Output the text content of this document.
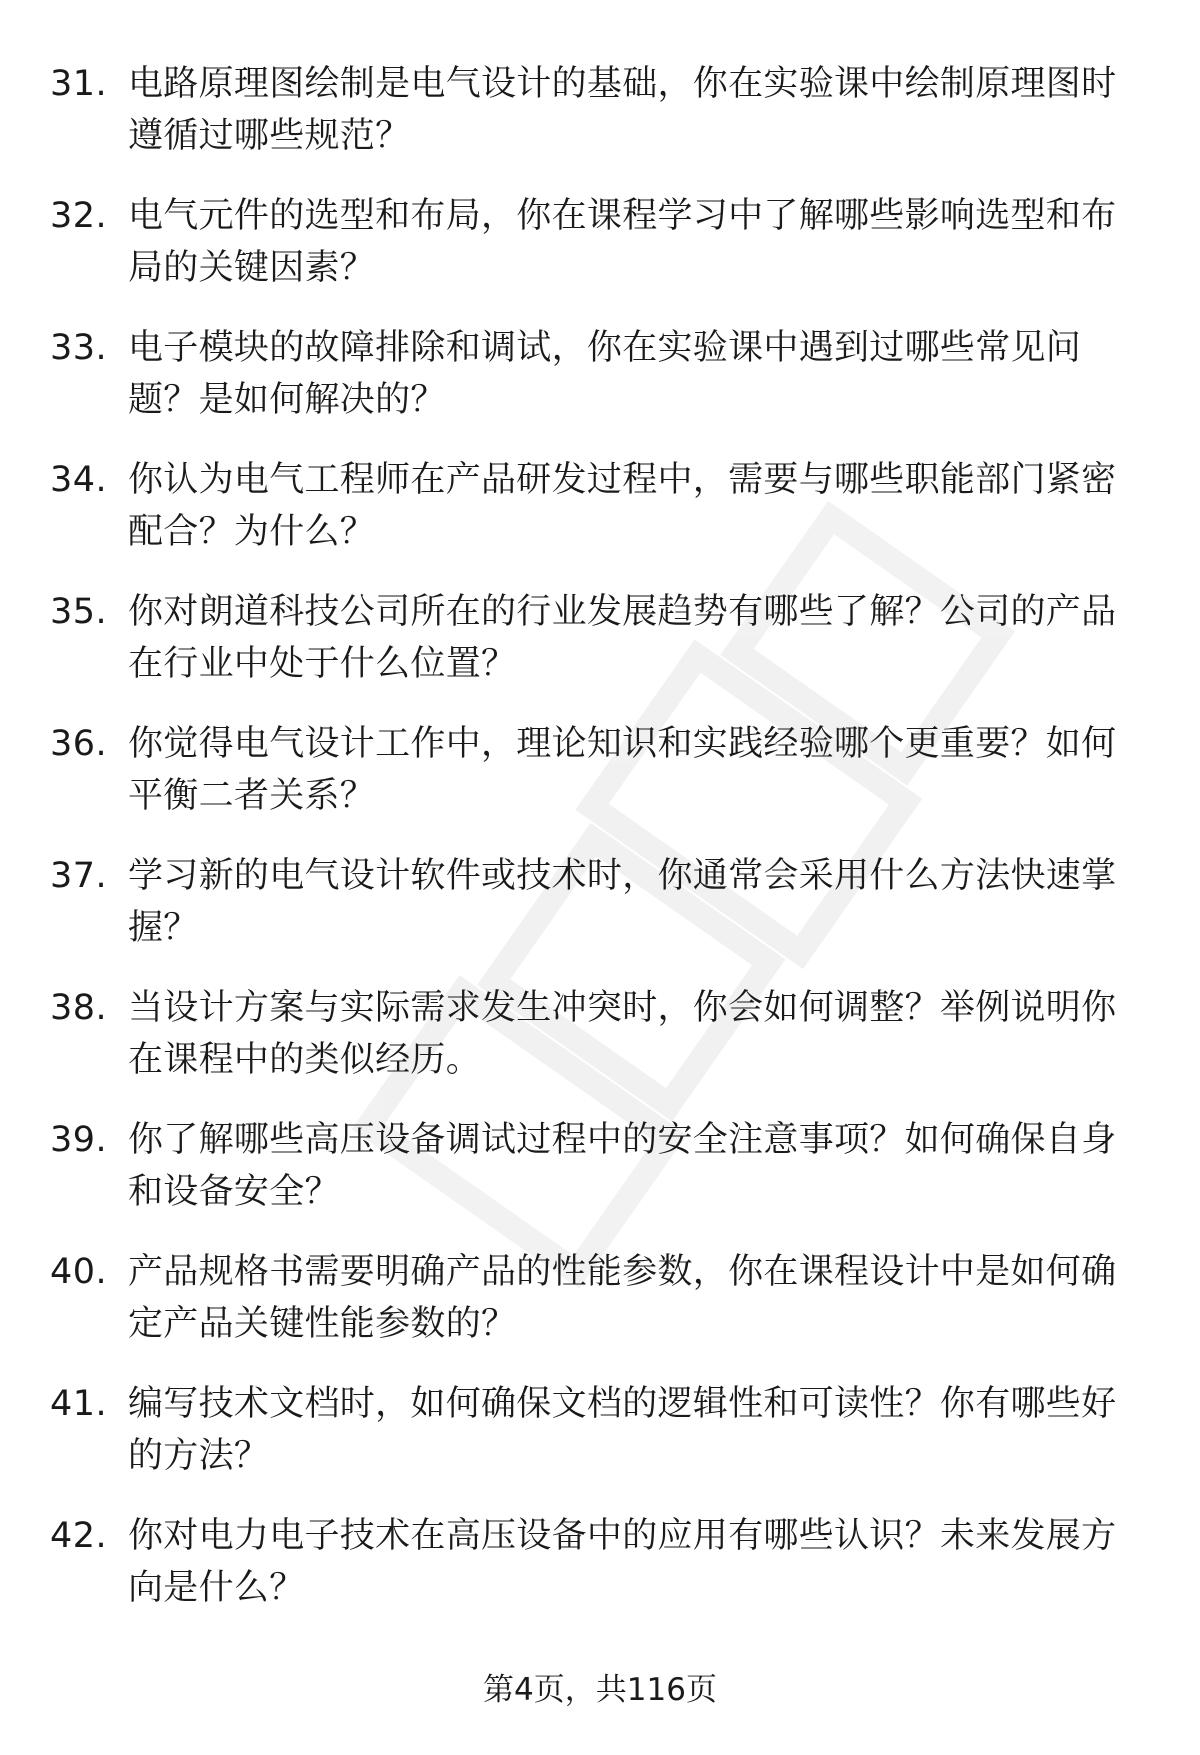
31. 电路原理图绘制是电气设计的基础，你在实验课中绘制原理图时遵循过哪些规范？
32. 电气元件的选型和布局，你在课程学习中了解哪些影响选型和布局的关键因素？
33. 电子模块的故障排除和调试，你在实验课中遇到过哪些常见问题？是如何解决的？
34. 你认为电气工程师在产品研发过程中，需要与哪些职能部门紧密配合？为什么？
35. 你对朗道科技公司所在的行业发展趋势有哪些了解？公司的产品在行业中处于什么位置？
36. 你觉得电气设计工作中，理论知识和实践经验哪个更重要？如何平衡二者关系？
37. 学习新的电气设计软件或技术时，你通常会采用什么方法快速掌握？
38. 当设计方案与实际需求发生冲突时，你会如何调整？举例说明你在课程中的类似经历。
39. 你了解哪些高压设备调试过程中的安全注意事项？如何确保自身和设备安全？
40. 产品规格书需要明确产品的性能参数，你在课程设计中是如何确定产品关键性能参数的？
41. 编写技术文档时，如何确保文档的逻辑性和可读性？你有哪些好的方法？
42. 你对电力电子技术在高压设备中的应用有哪些认识？未来发展方向是什么？
第4页，共116页
